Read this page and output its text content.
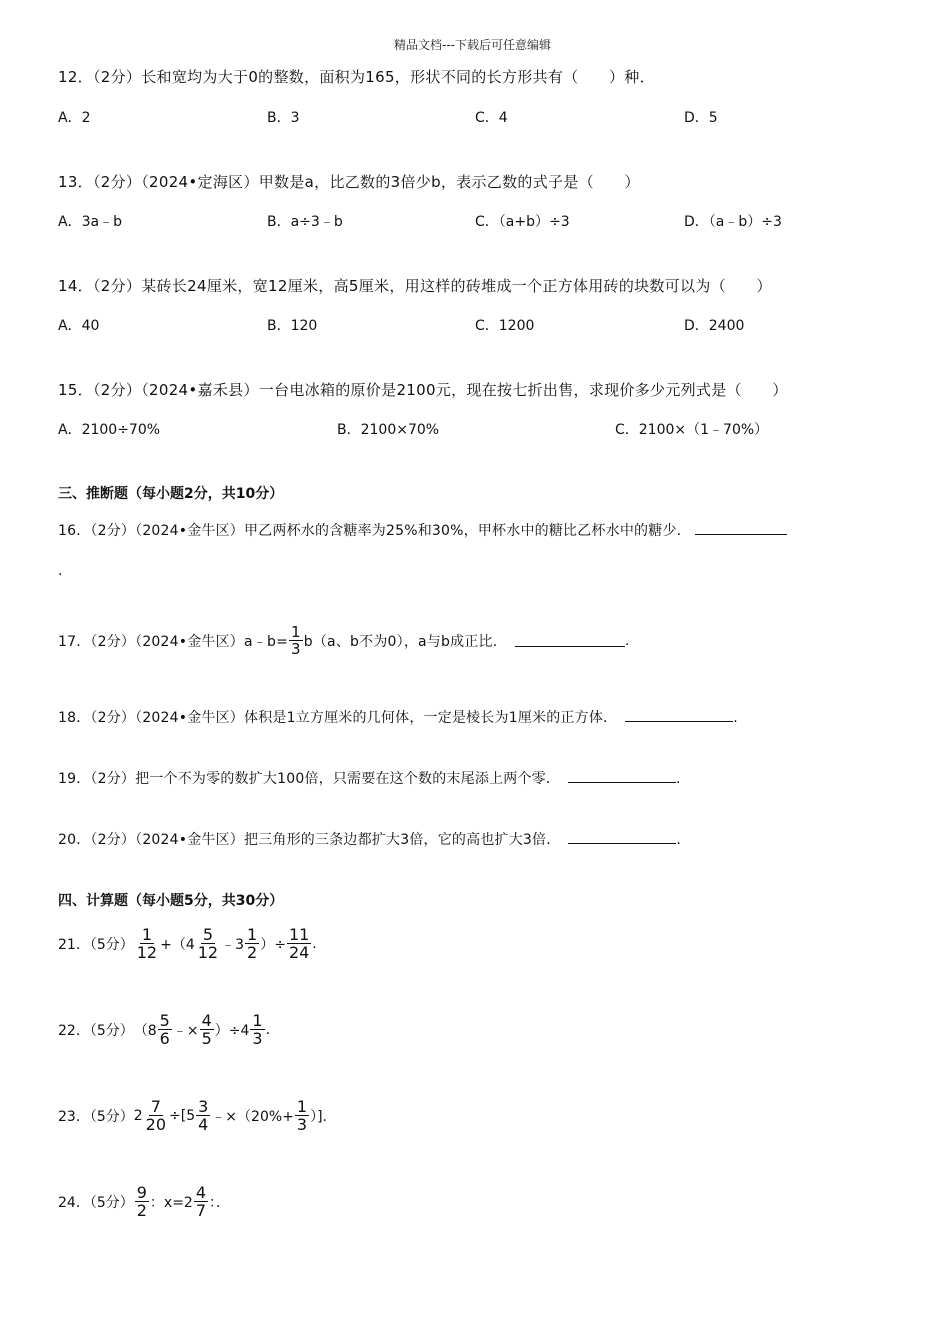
精品文档---下载后可任意编辑
12．（2分）长和宽均为大于0的整数，面积为165，形状不同的长方形共有（　　）种．
A．2	B．3	C．4	D．5
13．（2分）（2024•定海区）甲数是a，比乙数的3倍少b，表示乙数的式子是（　　）
A．3a﹣b	B．a÷3﹣b	C．（a+b）÷3	D．（a﹣b）÷3
14．（2分）某砖长24厘米，宽12厘米，高5厘米，用这样的砖堆成一个正方体用砖的块数可以为（　　）
A．40	B．120	C．1200	D．2400
15．（2分）（2024•嘉禾县）一台电冰箱的原价是2100元，现在按七折出售，求现价多少元列式是（　　）
A．2100÷70%	B．2100×70%	C．2100×（1﹣70%）
三、推断题（每小题2分，共10分）
16．（2分）（2024•金牛区）甲乙两杯水的含糖率为25%和30%，甲杯水中的糖比乙杯水中的糖少．
.
17．（2分）（2024•金牛区）a﹣b= $\frac{1}{3} b(a$、b不为0），a与b成正比．	.
18．（2分）（2024•金牛区）体积是1立方厘米的几何体，一定是棱长为1厘米的正方体．	.
19．（2分）把一个不为零的数扩大100倍，只需要在这个数的末尾添上两个零．	.
20．（2分）（2024•金牛区）把三角形的三条边都扩大3倍，它的高也扩大3倍．	.
四、计算题（每小题5分，共30分）
21．（5分） $\frac{1}{12} +(4 \frac{5}{12}$ ﹣3 $\frac{1}{2}$ ）÷ $\frac{11}{24}$ .
22．（5分） （$8 \frac{5}{6}$ ﹣× $\frac{4}{5} )\div 4 \frac{1}{3}$ .
23．（5分） $2 \frac{7}{20} \div[5 \frac{3}{4}$ ﹣×（20%+ $\frac{1}{3}$ ）]．
24．（5分） $\frac{9}{2}$ ：$x=2 \frac{4}{7}$ ：．
